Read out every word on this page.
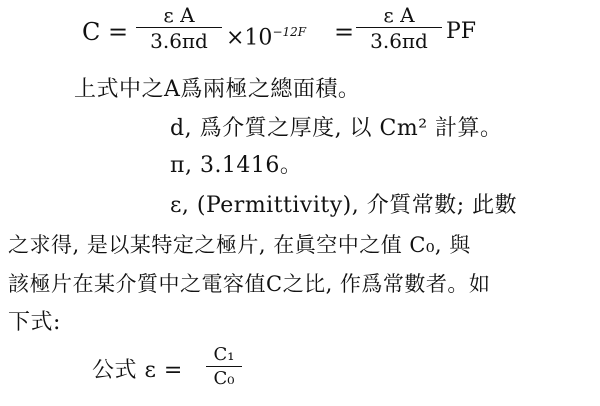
C =
ε A
$3.6\pi d \times 10^{-12F}$ =
ε A
3.6πd PF
上式中之A爲兩極之總面積。
d, 爲介質之厚度, 以 Cm² 計算。
π, 3.1416。
ε, (Permittivity), 介質常數; 此數
之求得, 是以某特定之極片, 在眞空中之值 C₀, 與
該極片在某介質中之電容值C之比, 作爲常數者。如
下式:
公式 ε =
C₁
C₀
